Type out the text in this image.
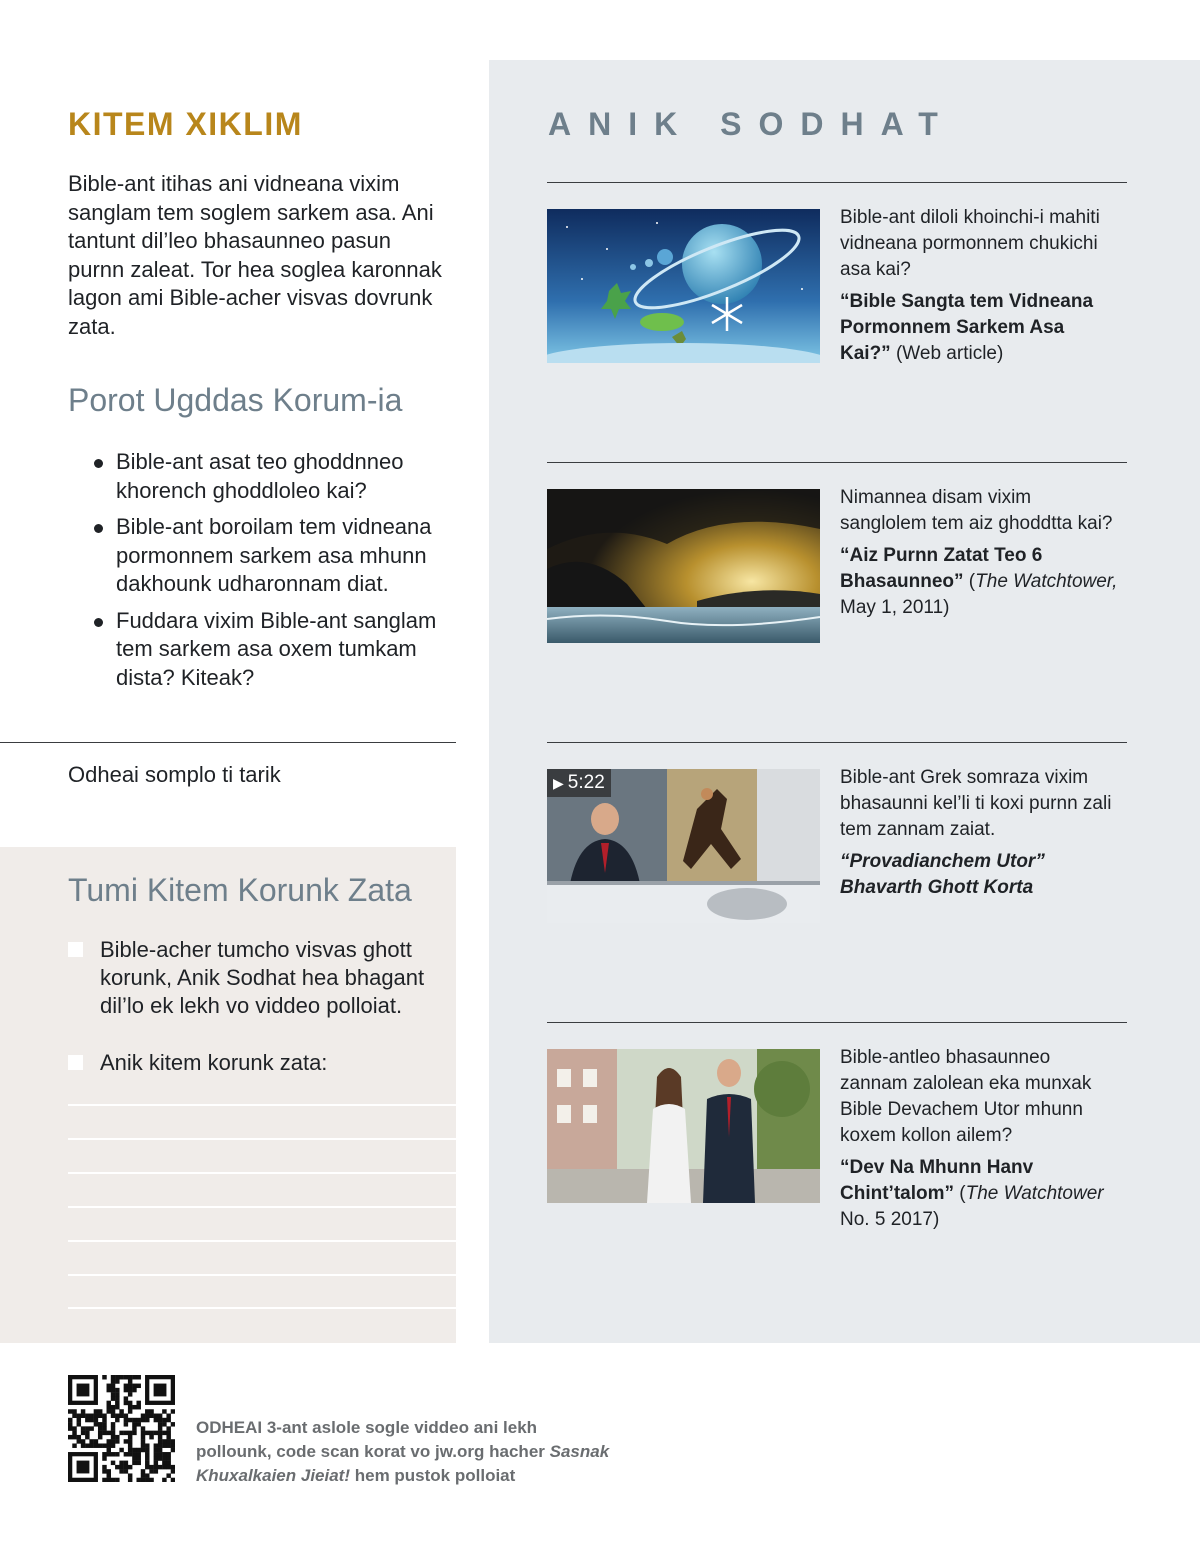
KITEM XIKLIM

Bible-ant itihas ani vidneana vixim sanglam tem soglem sarkem asa. Ani tantunt dil’leo bhasaunneo pasun purnn zaleat. Tor hea soglea karonnak lagon ami Bible-acher visvas dovrunk zata.

Porot Ugddas Korum-ia
Bible-ant asat teo ghoddnneo khorench ghoddloleo kai?
Bible-ant boroilam tem vidneana pormonnem sarkem asa mhunn dakhounk udharonnam diat.
Fuddara vixim Bible-ant sanglam tem sarkem asa oxem tumkam dista? Kiteak?

Odheai somplo ti tarik

Tumi Kitem Korunk Zata
Bible-acher tumcho visvas ghott korunk, Anik Sodhat hea bhagant dil’lo ek lekh vo viddeo polloiat.
Anik kitem korunk zata:
ANIK SODHAT

Bible-ant diloli khoinchi-i mahiti vidneana pormonnem chukichi asa kai?

“Bible Sangta tem Vidneana Pormonnem Sarkem Asa Kai?” (Web article)

Nimannea disam vixim sanglolem tem aiz ghoddtta kai?

“Aiz Purnn Zatat Teo 6 Bhasaunneo” (The Watchtower, May 1, 2011)

▶ 5:22	Bible-ant Grek somraza vixim bhasaunni kel’li ti koxi purnn zali tem zannam zaiat.

“Provadianchem Utor”
Bhavarth Ghott Korta

Bible-antleo bhasaunneo zannam zalolean eka munxak Bible Devachem Utor mhunn koxem kollon ailem?

“Dev Na Mhunn Hanv Chint’talom” (The Watchtower No. 5 2017)

ODHEAI 3-ant aslole sogle viddeo ani lekh pollounk, code scan korat vo jw.org hacher Sasnak Khuxalkaien Jieiat! hem pustok polloiat
